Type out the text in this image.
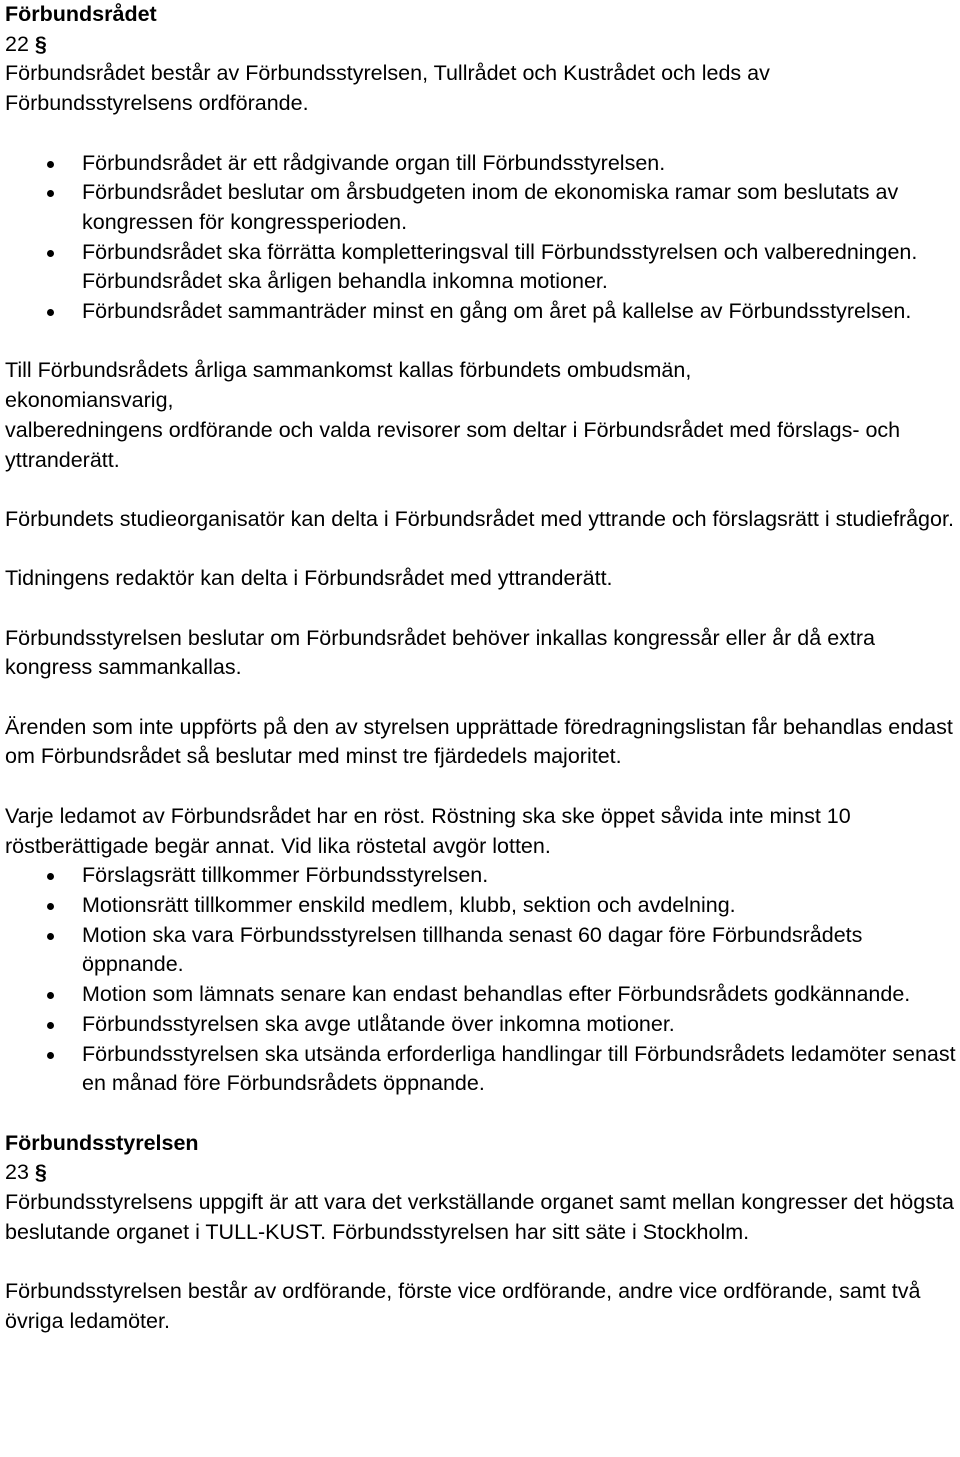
Förbundsrådet

22 §

Förbundsrådet består av Förbundsstyrelsen, Tullrådet och Kustrådet och leds av Förbundsstyrelsens ordförande.

Förbundsrådet är ett rådgivande organ till Förbundsstyrelsen.
Förbundsrådet beslutar om årsbudgeten inom de ekonomiska ramar som beslutats av kongressen för kongressperioden.
Förbundsrådet ska förrätta kompletteringsval till Förbundsstyrelsen och valberedningen. Förbundsrådet ska årligen behandla inkomna motioner.
Förbundsrådet sammanträder minst en gång om året på kallelse av Förbundsstyrelsen.

Till Förbundsrådets årliga sammankomst kallas förbundets ombudsmän,
ekonomiansvarig,
valberedningens ordförande och valda revisorer som deltar i Förbundsrådet med förslags- och yttranderätt.

Förbundets studieorganisatör kan delta i Förbundsrådet med yttrande och förslagsrätt i studiefrågor.

Tidningens redaktör kan delta i Förbundsrådet med yttranderätt.

Förbundsstyrelsen beslutar om Förbundsrådet behöver inkallas kongressår eller år då extra kongress sammankallas.

Ärenden som inte uppförts på den av styrelsen upprättade föredragningslistan får behandlas endast om Förbundsrådet så beslutar med minst tre fjärdedels majoritet.

Varje ledamot av Förbundsrådet har en röst. Röstning ska ske öppet såvida inte minst 10 röstberättigade begär annat. Vid lika röstetal avgör lotten.

Förslagsrätt tillkommer Förbundsstyrelsen.
Motionsrätt tillkommer enskild medlem, klubb, sektion och avdelning.
Motion ska vara Förbundsstyrelsen tillhanda senast 60 dagar före Förbundsrådets öppnande.
Motion som lämnats senare kan endast behandlas efter Förbundsrådets godkännande.
Förbundsstyrelsen ska avge utlåtande över inkomna motioner.
Förbundsstyrelsen ska utsända erforderliga handlingar till Förbundsrådets ledamöter senast en månad före Förbundsrådets öppnande.

Förbundsstyrelsen

23 §

Förbundsstyrelsens uppgift är att vara det verkställande organet samt mellan kongresser det högsta beslutande organet i TULL-KUST. Förbundsstyrelsen har sitt säte i Stockholm.

Förbundsstyrelsen består av ordförande, förste vice ordförande, andre vice ordförande, samt två övriga ledamöter.
